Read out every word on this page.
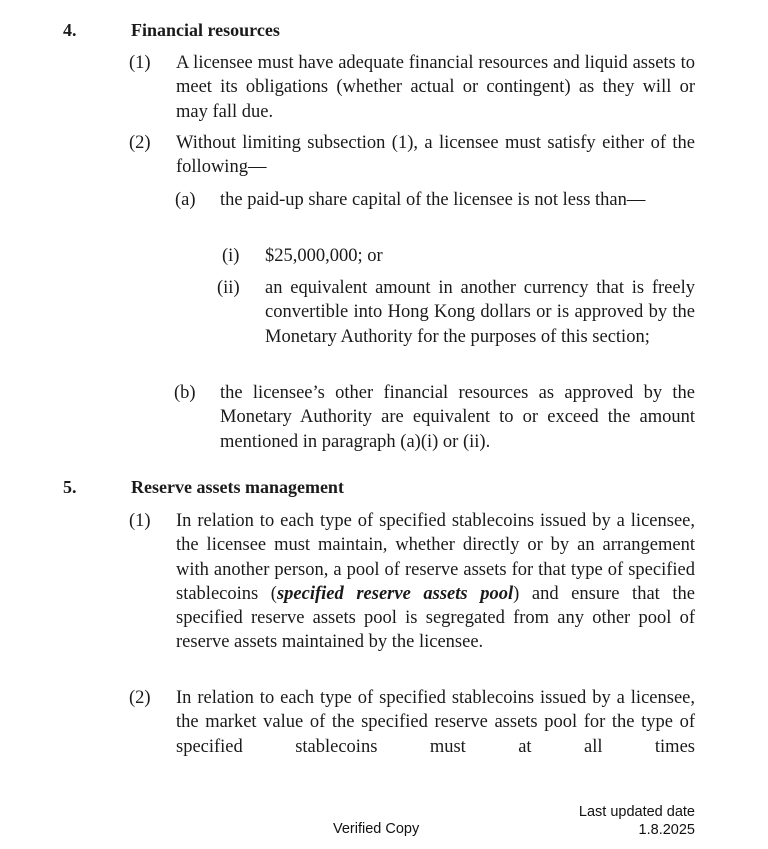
4.	Financial resources
(1) A licensee must have adequate financial resources and liquid assets to meet its obligations (whether actual or contingent) as they will or may fall due.
(2) Without limiting subsection (1), a licensee must satisfy either of the following—
(a) the paid-up share capital of the licensee is not less than—
(i) $25,000,000; or
(ii) an equivalent amount in another currency that is freely convertible into Hong Kong dollars or is approved by the Monetary Authority for the purposes of this section;
(b) the licensee’s other financial resources as approved by the Monetary Authority are equivalent to or exceed the amount mentioned in paragraph (a)(i) or (ii).
5.	Reserve assets management
(1) In relation to each type of specified stablecoins issued by a licensee, the licensee must maintain, whether directly or by an arrangement with another person, a pool of reserve assets for that type of specified stablecoins (specified reserve assets pool) and ensure that the specified reserve assets pool is segregated from any other pool of reserve assets maintained by the licensee.
(2) In relation to each type of specified stablecoins issued by a licensee, the market value of the specified reserve assets pool for the type of specified stablecoins must at all times
Verified Copy
Last updated date
1.8.2025
